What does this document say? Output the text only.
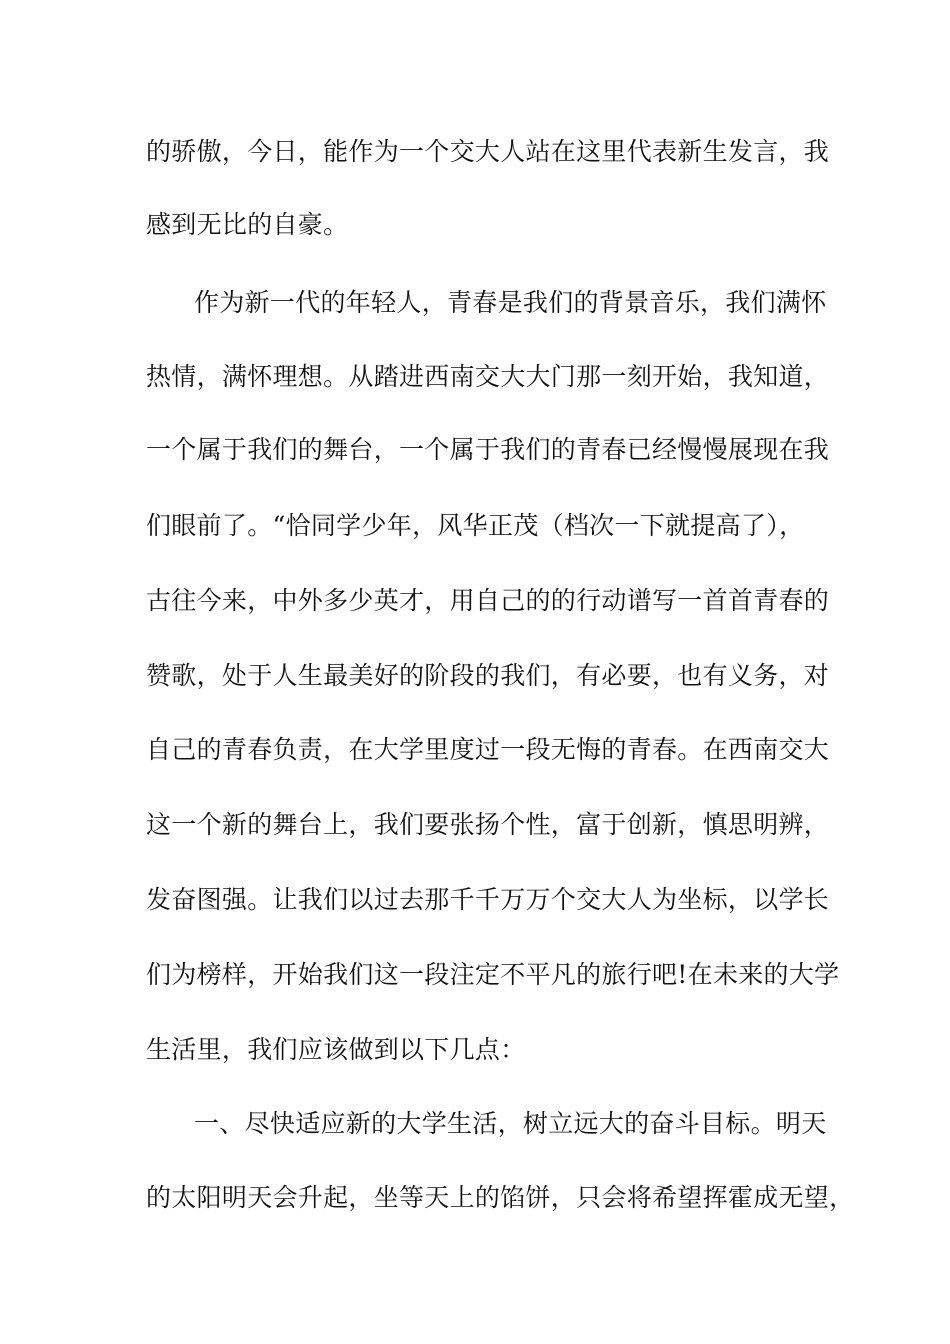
的骄傲，今日，能作为一个交大人站在这里代表新生发言，我
感到无比的自豪。
作为新一代的年轻人，青春是我们的背景音乐，我们满怀
热情，满怀理想。从踏进西南交大大门那一刻开始，我知道，
一个属于我们的舞台，一个属于我们的青春已经慢慢展现在我
们眼前了。“恰同学少年，风华正茂（档次一下就提高了），
古往今来，中外多少英才，用自己的的行动谱写一首首青春的
赞歌，处于人生最美好的阶段的我们，有必要，也有义务，对
自己的青春负责，在大学里度过一段无悔的青春。在西南交大
这一个新的舞台上，我们要张扬个性，富于创新，慎思明辨，
发奋图强。让我们以过去那千千万万个交大人为坐标，以学长
们为榜样，开始我们这一段注定不平凡的旅行吧!在未来的大学
生活里，我们应该做到以下几点：
一、尽快适应新的大学生活，树立远大的奋斗目标。明天
的太阳明天会升起，坐等天上的馅饼，只会将希望挥霍成无望，
